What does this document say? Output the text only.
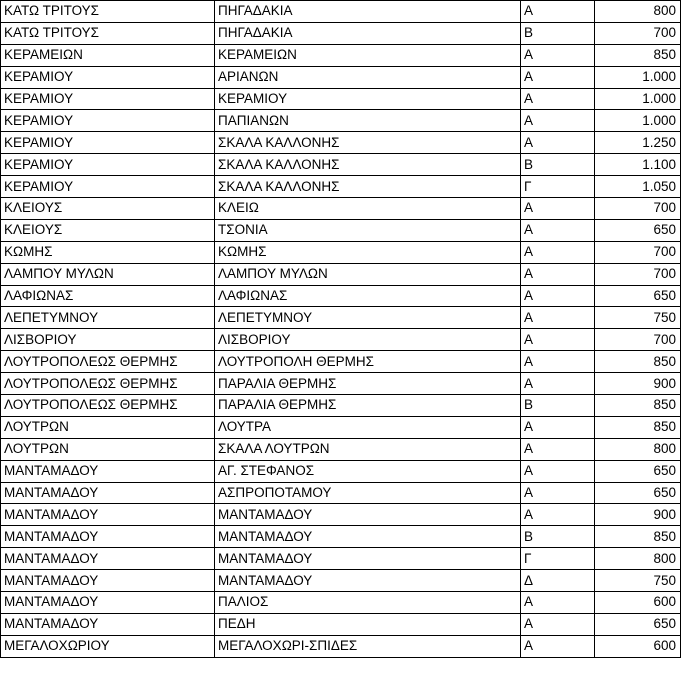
ΚΑΤΩ ΤΡΙΤΟΥΣ	ΠΗΓΑΔΑΚΙΑ	Α	800
ΚΑΤΩ ΤΡΙΤΟΥΣ	ΠΗΓΑΔΑΚΙΑ	Β	700
ΚΕΡΑΜΕΙΩΝ	ΚΕΡΑΜΕΙΩΝ	Α	850
ΚΕΡΑΜΙΟΥ	ΑΡΙΑΝΩΝ	Α	1.000
ΚΕΡΑΜΙΟΥ	ΚΕΡΑΜΙΟΥ	Α	1.000
ΚΕΡΑΜΙΟΥ	ΠΑΠΙΑΝΩΝ	Α	1.000
ΚΕΡΑΜΙΟΥ	ΣΚΑΛΑ ΚΑΛΛΟΝΗΣ	Α	1.250
ΚΕΡΑΜΙΟΥ	ΣΚΑΛΑ ΚΑΛΛΟΝΗΣ	Β	1.100
ΚΕΡΑΜΙΟΥ	ΣΚΑΛΑ ΚΑΛΛΟΝΗΣ	Γ	1.050
ΚΛΕΙΟΥΣ	ΚΛΕΙΩ	Α	700
ΚΛΕΙΟΥΣ	ΤΣΟΝΙΑ	Α	650
ΚΩΜΗΣ	ΚΩΜΗΣ	Α	700
ΛΑΜΠΟΥ ΜΥΛΩΝ	ΛΑΜΠΟΥ ΜΥΛΩΝ	Α	700
ΛΑΦΙΩΝΑΣ	ΛΑΦΙΩΝΑΣ	Α	650
ΛΕΠΕΤΥΜΝΟΥ	ΛΕΠΕΤΥΜΝΟΥ	Α	750
ΛΙΣΒΟΡΙΟΥ	ΛΙΣΒΟΡΙΟΥ	Α	700
ΛΟΥΤΡΟΠΟΛΕΩΣ ΘΕΡΜΗΣ	ΛΟΥΤΡΟΠΟΛΗ ΘΕΡΜΗΣ	Α	850
ΛΟΥΤΡΟΠΟΛΕΩΣ ΘΕΡΜΗΣ	ΠΑΡΑΛΙΑ ΘΕΡΜΗΣ	Α	900
ΛΟΥΤΡΟΠΟΛΕΩΣ ΘΕΡΜΗΣ	ΠΑΡΑΛΙΑ ΘΕΡΜΗΣ	Β	850
ΛΟΥΤΡΩΝ	ΛΟΥΤΡΑ	Α	850
ΛΟΥΤΡΩΝ	ΣΚΑΛΑ ΛΟΥΤΡΩΝ	Α	800
ΜΑΝΤΑΜΑΔΟΥ	ΑΓ. ΣΤΕΦΑΝΟΣ	Α	650
ΜΑΝΤΑΜΑΔΟΥ	ΑΣΠΡΟΠΟΤΑΜΟΥ	Α	650
ΜΑΝΤΑΜΑΔΟΥ	ΜΑΝΤΑΜΑΔΟΥ	Α	900
ΜΑΝΤΑΜΑΔΟΥ	ΜΑΝΤΑΜΑΔΟΥ	Β	850
ΜΑΝΤΑΜΑΔΟΥ	ΜΑΝΤΑΜΑΔΟΥ	Γ	800
ΜΑΝΤΑΜΑΔΟΥ	ΜΑΝΤΑΜΑΔΟΥ	Δ	750
ΜΑΝΤΑΜΑΔΟΥ	ΠΑΛΙΟΣ	Α	600
ΜΑΝΤΑΜΑΔΟΥ	ΠΕΔΗ	Α	650
ΜΕΓΑΛΟΧΩΡΙΟΥ	ΜΕΓΑΛΟΧΩΡΙ-ΣΠΙΔΕΣ	Α	600
